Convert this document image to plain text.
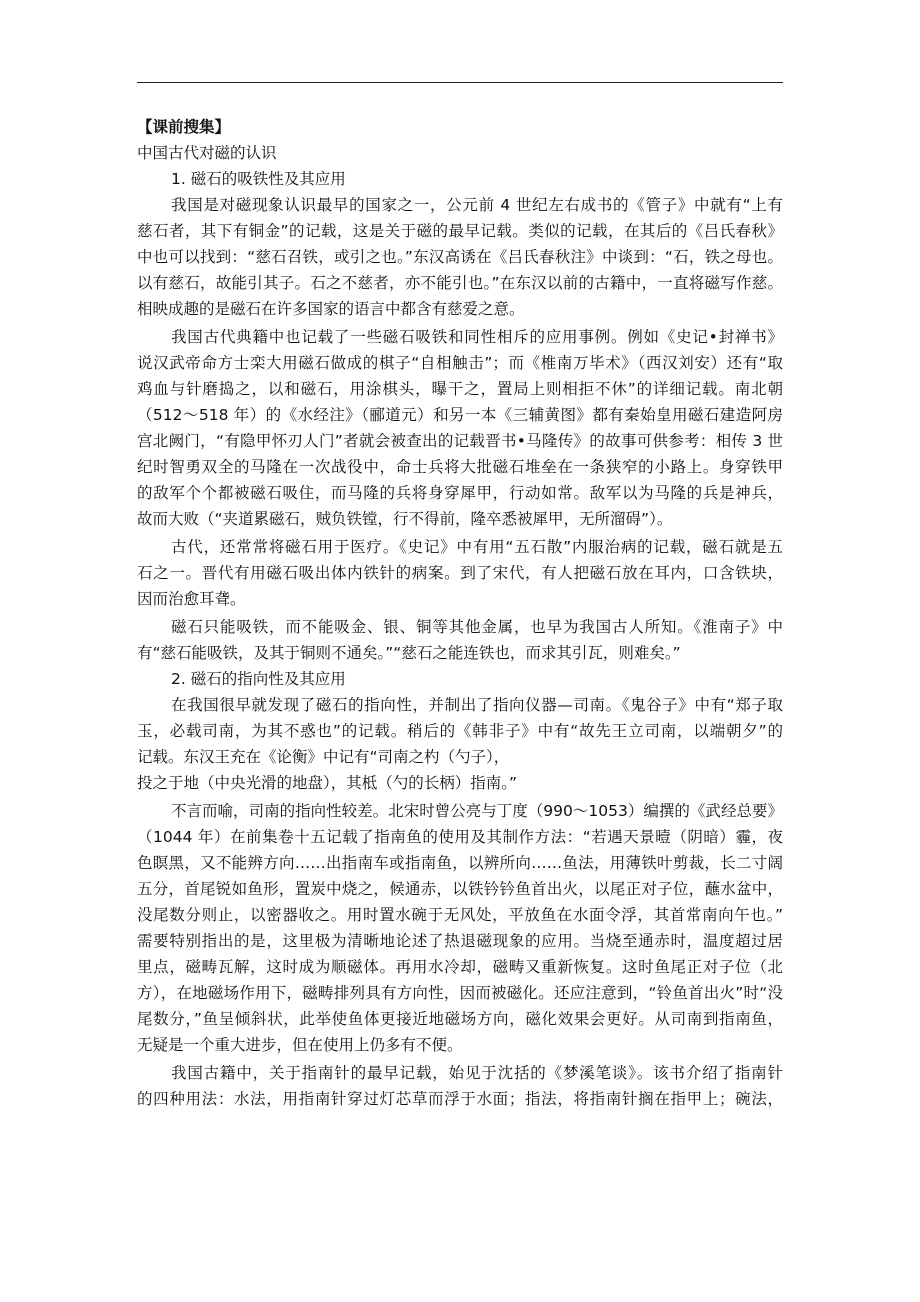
【课前搜集】
中国古代对磁的认识
1. 磁石的吸铁性及其应用
我国是对磁现象认识最早的国家之一，公元前 4 世纪左右成书的《管子》中就有“上有
慈石者，其下有铜金”的记载，这是关于磁的最早记载。类似的记载，在其后的《吕氏春秋》
中也可以找到：“慈石召铁，或引之也。”东汉高诱在《吕氏春秋注》中谈到：“石，铁之母也。
以有慈石，故能引其子。石之不慈者，亦不能引也。”在东汉以前的古籍中，一直将磁写作慈。
相映成趣的是磁石在许多国家的语言中都含有慈爱之意。
我国古代典籍中也记载了一些磁石吸铁和同性相斥的应用事例。例如《史记•封禅书》
说汉武帝命方士栾大用磁石做成的棋子“自相触击”；而《椎南万毕术》（西汉刘安）还有“取
鸡血与针磨捣之，以和磁石，用涂棋头，曝干之，置局上则相拒不休”的详细记载。南北朝
（512～518 年）的《水经注》（郦道元）和另一本《三辅黄图》都有秦始皇用磁石建造阿房
宫北阙门，“有隐甲怀刃人门”者就会被查出的记载晋书•马隆传》的故事可供参考：相传 3 世
纪时智勇双全的马隆在一次战役中，命士兵将大批磁石堆垒在一条狭窄的小路上。身穿铁甲
的敌军个个都被磁石吸住，而马隆的兵将身穿犀甲，行动如常。敌军以为马隆的兵是神兵，
故而大败（“夹道累磁石，贼负铁镗，行不得前，隆卒悉被犀甲，无所溜碍”）。
古代，还常常将磁石用于医疗。《史记》中有用“五石散”内服治病的记载，磁石就是五
石之一。晋代有用磁石吸出体内铁针的病案。到了宋代，有人把磁石放在耳内，口含铁块，
因而治愈耳聋。
磁石只能吸铁，而不能吸金、银、铜等其他金属，也早为我国古人所知。《淮南子》中
有“慈石能吸铁，及其于铜则不通矣。”“慈石之能连铁也，而求其引瓦，则难矣。”
2. 磁石的指向性及其应用
在我国很早就发现了磁石的指向性，并制出了指向仪器—司南。《鬼谷子》中有“郑子取
玉，必载司南，为其不惑也”的记载。稍后的《韩非子》中有“故先王立司南，以端朝夕”的
记载。东汉王充在《论衡》中记有“司南之杓（勺子），
投之于地（中央光滑的地盘），其柢（勺的长柄）指南。”
不言而喻，司南的指向性较差。北宋时曾公亮与丁度（990～1053）编撰的《武经总要》
（1044 年）在前集卷十五记载了指南鱼的使用及其制作方法：“若遇天景曀（阴暗）霾，夜
色瞑黑，又不能辨方向……出指南车或指南鱼，以辨所向……鱼法，用薄铁叶剪裁，长二寸阔
五分，首尾锐如鱼形，置炭中烧之，候通赤，以铁钤钤鱼首出火，以尾正对子位，蘸水盆中，
没尾数分则止，以密器收之。用时置水碗于无风处，平放鱼在水面令浮，其首常南向午也。”
需要特别指出的是，这里极为清晰地论述了热退磁现象的应用。当烧至通赤时，温度超过居
里点，磁畴瓦解，这时成为顺磁体。再用水冷却，磁畴又重新恢复。这时鱼尾正对子位（北
方），在地磁场作用下，磁畴排列具有方向性，因而被磁化。还应注意到，“铃鱼首出火”时“没
尾数分，”鱼呈倾斜状，此举使鱼体更接近地磁场方向，磁化效果会更好。从司南到指南鱼，
无疑是一个重大进步，但在使用上仍多有不便。
我国古籍中，关于指南针的最早记载，始见于沈括的《梦溪笔谈》。该书介绍了指南针
的四种用法：水法，用指南针穿过灯芯草而浮于水面；指法，将指南针搁在指甲上；碗法，
